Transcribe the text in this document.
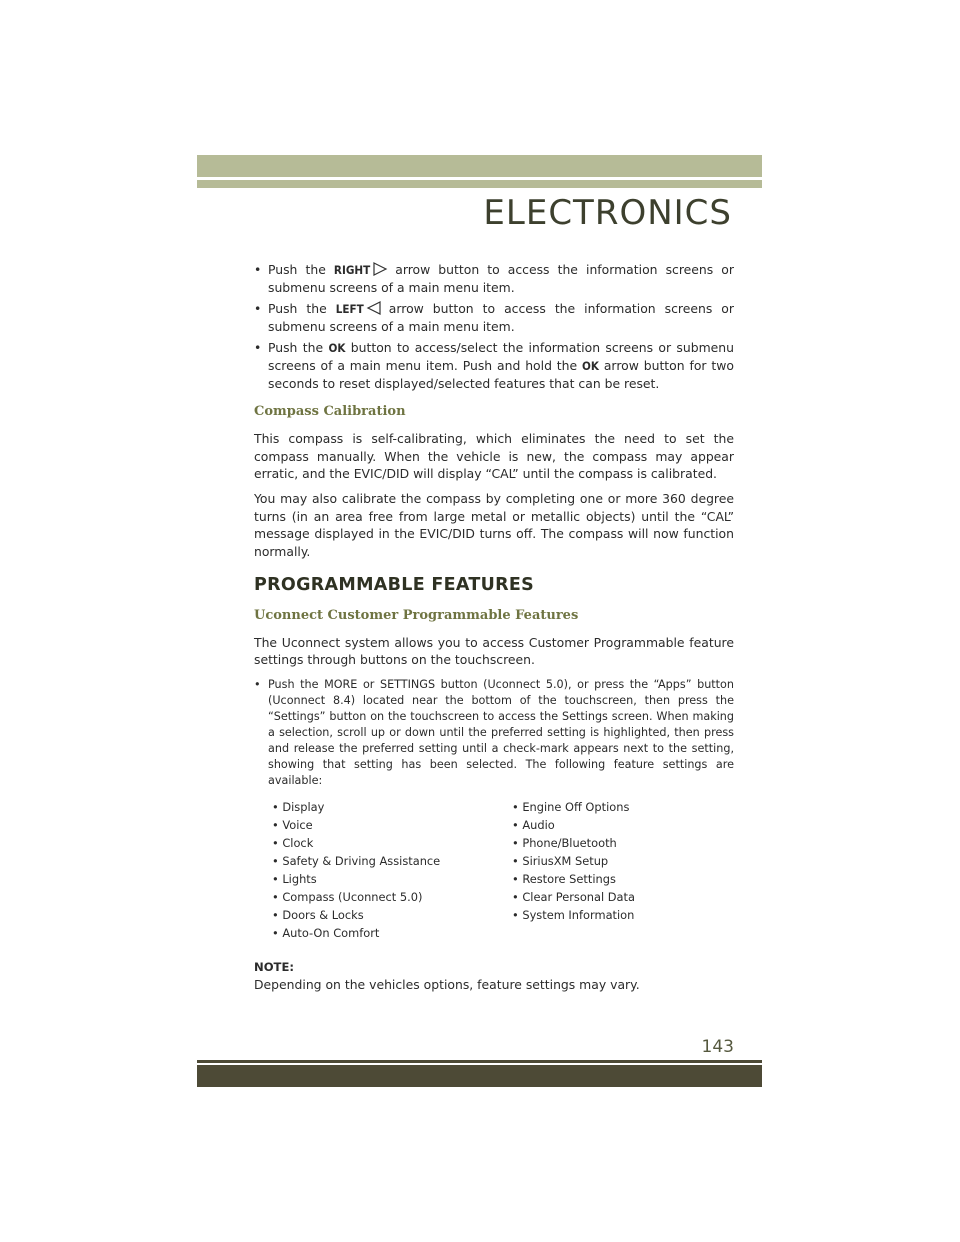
ELECTRONICS
• Push the RIGHT arrow button to access the information screens or submenu screens of a main menu item.
• Push the LEFT arrow button to access the information screens or submenu screens of a main menu item.
• Push the OK button to access/select the information screens or submenu screens of a main menu item. Push and hold the OK arrow button for two seconds to reset displayed/selected features that can be reset.
Compass Calibration

This compass is self-calibrating, which eliminates the need to set the compass manually. When the vehicle is new, the compass may appear erratic, and the EVIC/DID will display “CAL” until the compass is calibrated.

You may also calibrate the compass by completing one or more 360 degree turns (in an area free from large metal or metallic objects) until the “CAL” message displayed in the EVIC/DID turns off. The compass will now function normally.

PROGRAMMABLE FEATURES
Uconnect Customer Programmable Features

The Uconnect system allows you to access Customer Programmable feature settings through buttons on the touchscreen.

• Push the MORE or SETTINGS button (Uconnect 5.0), or press the “Apps” button (Uconnect 8.4) located near the bottom of the touchscreen, then press the “Settings” button on the touchscreen to access the Settings screen. When making a selection, scroll up or down until the preferred setting is highlighted, then press and release the preferred setting until a check-mark appears next to the setting, showing that setting has been selected. The following feature settings are available:
• Display	• Engine Off Options
• Voice	• Audio
• Clock	• Phone/Bluetooth
• Safety & Driving Assistance	• SiriusXM Setup
• Lights	• Restore Settings
• Compass (Uconnect 5.0)	• Clear Personal Data
• Doors & Locks	• System Information
• Auto-On Comfort
NOTE:

Depending on the vehicles options, feature settings may vary.

143
